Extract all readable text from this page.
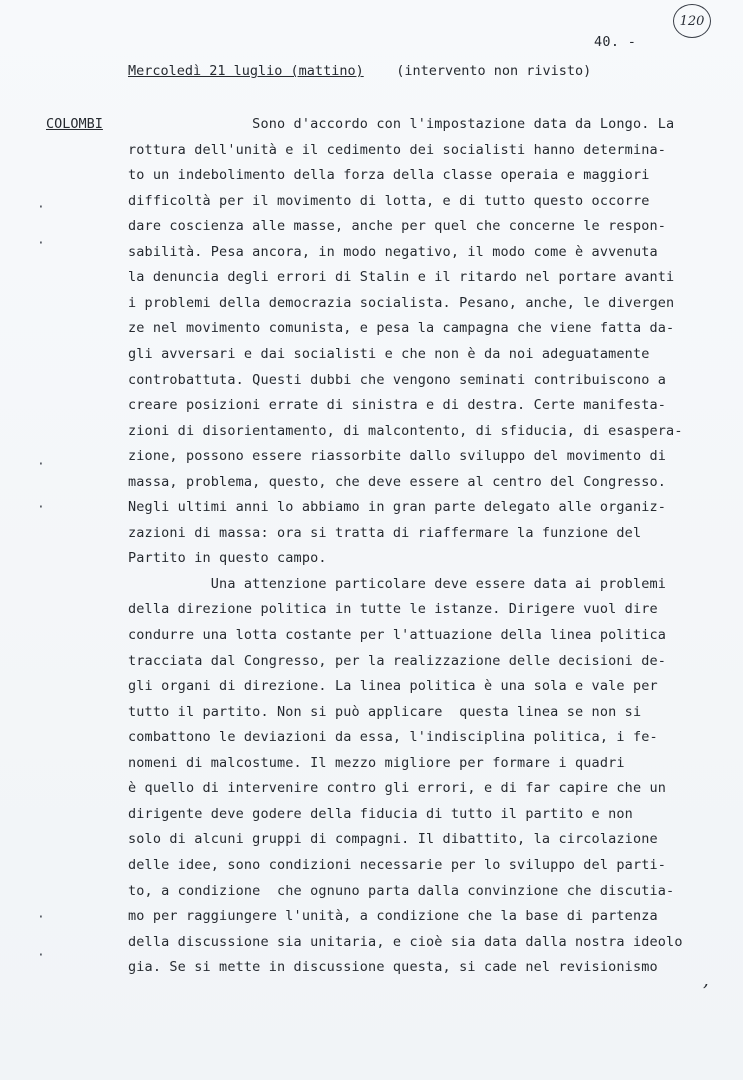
120
40. -
Mercoledì 21 luglio (mattino) (intervento non rivisto)
COLOMBI Sono d'accordo con l'impostazione data da Longo. La
rottura dell'unità e il cedimento dei socialisti hanno determina-
to un indebolimento della forza della classe operaia e maggiori
difficoltà per il movimento di lotta, e di tutto questo occorre
dare coscienza alle masse, anche per quel che concerne le respon-
sabilità. Pesa ancora, in modo negativo, il modo come è avvenuta
la denuncia degli errori di Stalin e il ritardo nel portare avanti
i problemi della democrazia socialista. Pesano, anche, le divergen
ze nel movimento comunista, e pesa la campagna che viene fatta da-
gli avversari e dai socialisti e che non è da noi adeguatamente
controbattuta. Questi dubbi che vengono seminati contribuiscono a
creare posizioni errate di sinistra e di destra. Certe manifesta-
zioni di disorientamento, di malcontento, di sfiducia, di esaspera-
zione, possono essere riassorbite dallo sviluppo del movimento di
massa, problema, questo, che deve essere al centro del Congresso.
Negli ultimi anni lo abbiamo in gran parte delegato alle organiz-
zazioni di massa: ora si tratta di riaffermare la funzione del
Partito in questo campo.
Una attenzione particolare deve essere data ai problemi
della direzione politica in tutte le istanze. Dirigere vuol dire
condurre una lotta costante per l'attuazione della linea politica
tracciata dal Congresso, per la realizzazione delle decisioni de-
gli organi di direzione. La linea politica è una sola e vale per
tutto il partito. Non si può applicare  questa linea se non si
combattono le deviazioni da essa, l'indisciplina politica, i fe-
nomeni di malcostume. Il mezzo migliore per formare i quadri
è quello di intervenire contro gli errori, e di far capire che un
dirigente deve godere della fiducia di tutto il partito e non
solo di alcuni gruppi di compagni. Il dibattito, la circolazione
delle idee, sono condizioni necessarie per lo sviluppo del parti-
to, a condizione  che ognuno parta dalla convinzione che discutia-
mo per raggiungere l'unità, a condizione che la base di partenza
della discussione sia unitaria, e cioè sia data dalla nostra ideolo
gia. Se si mette in discussione questa, si cade nel revisionismo
·
·
·
·
·
·
,
